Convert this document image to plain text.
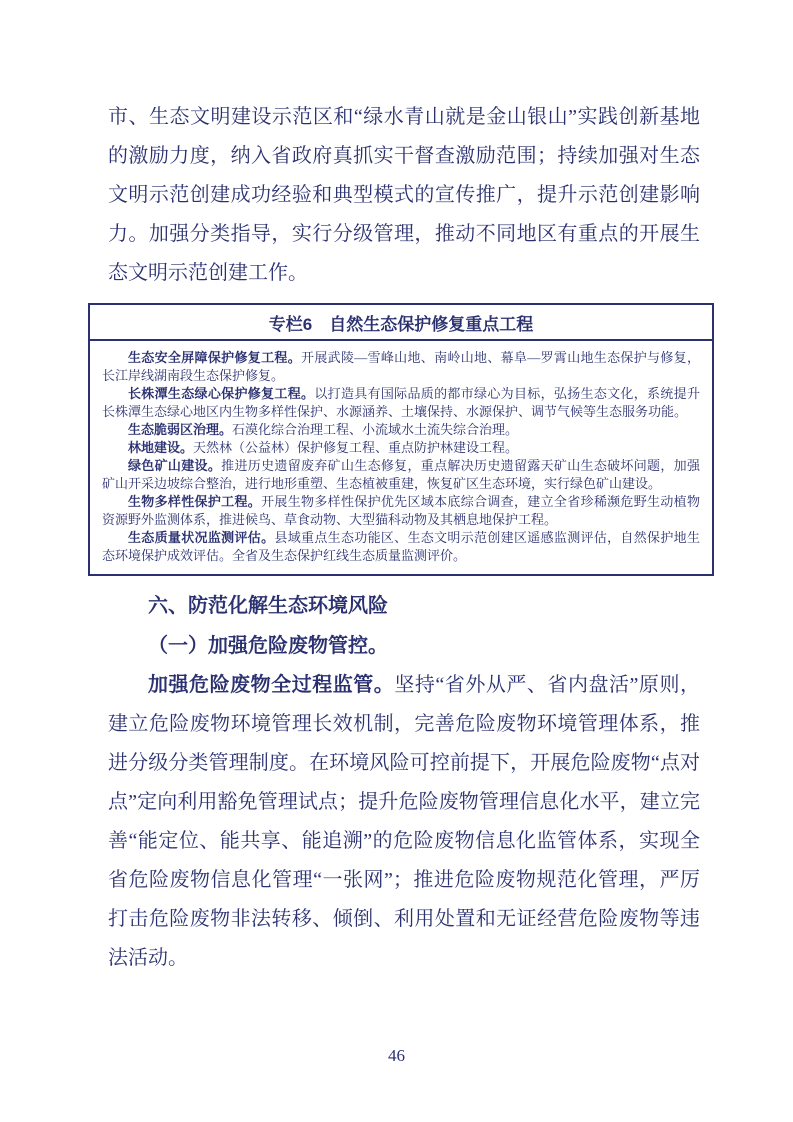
市、生态文明建设示范区和“绿水青山就是金山银山”实践创新基地的激励力度，纳入省政府真抓实干督查激励范围；持续加强对生态文明示范创建成功经验和典型模式的宣传推广，提升示范创建影响力。加强分类指导，实行分级管理，推动不同地区有重点的开展生态文明示范创建工作。

专栏6　自然生态保护修复重点工程

生态安全屏障保护修复工程。开展武陵—雪峰山地、南岭山地、幕阜—罗霄山地生态保护与修复，长江岸线湖南段生态保护修复。

长株潭生态绿心保护修复工程。以打造具有国际品质的都市绿心为目标，弘扬生态文化，系统提升长株潭生态绿心地区内生物多样性保护、水源涵养、土壤保持、水源保护、调节气候等生态服务功能。

生态脆弱区治理。石漠化综合治理工程、小流域水土流失综合治理。

林地建设。天然林（公益林）保护修复工程、重点防护林建设工程。

绿色矿山建设。推进历史遗留废弃矿山生态修复，重点解决历史遗留露天矿山生态破坏问题，加强矿山开采边坡综合整治，进行地形重塑、生态植被重建，恢复矿区生态环境，实行绿色矿山建设。

生物多样性保护工程。开展生物多样性保护优先区域本底综合调查，建立全省珍稀濒危野生动植物资源野外监测体系，推进候鸟、草食动物、大型猫科动物及其栖息地保护工程。

生态质量状况监测评估。县域重点生态功能区、生态文明示范创建区遥感监测评估，自然保护地生态环境保护成效评估。全省及生态保护红线生态质量监测评价。

六、防范化解生态环境风险
（一）加强危险废物管控。

加强危险废物全过程监管。坚持“省外从严、省内盘活”原则，建立危险废物环境管理长效机制，完善危险废物环境管理体系，推进分级分类管理制度。在环境风险可控前提下，开展危险废物“点对点”定向利用豁免管理试点；提升危险废物管理信息化水平，建立完善“能定位、能共享、能追溯”的危险废物信息化监管体系，实现全省危险废物信息化管理“一张网”；推进危险废物规范化管理，严厉打击危险废物非法转移、倾倒、利用处置和无证经营危险废物等违法活动。

46
